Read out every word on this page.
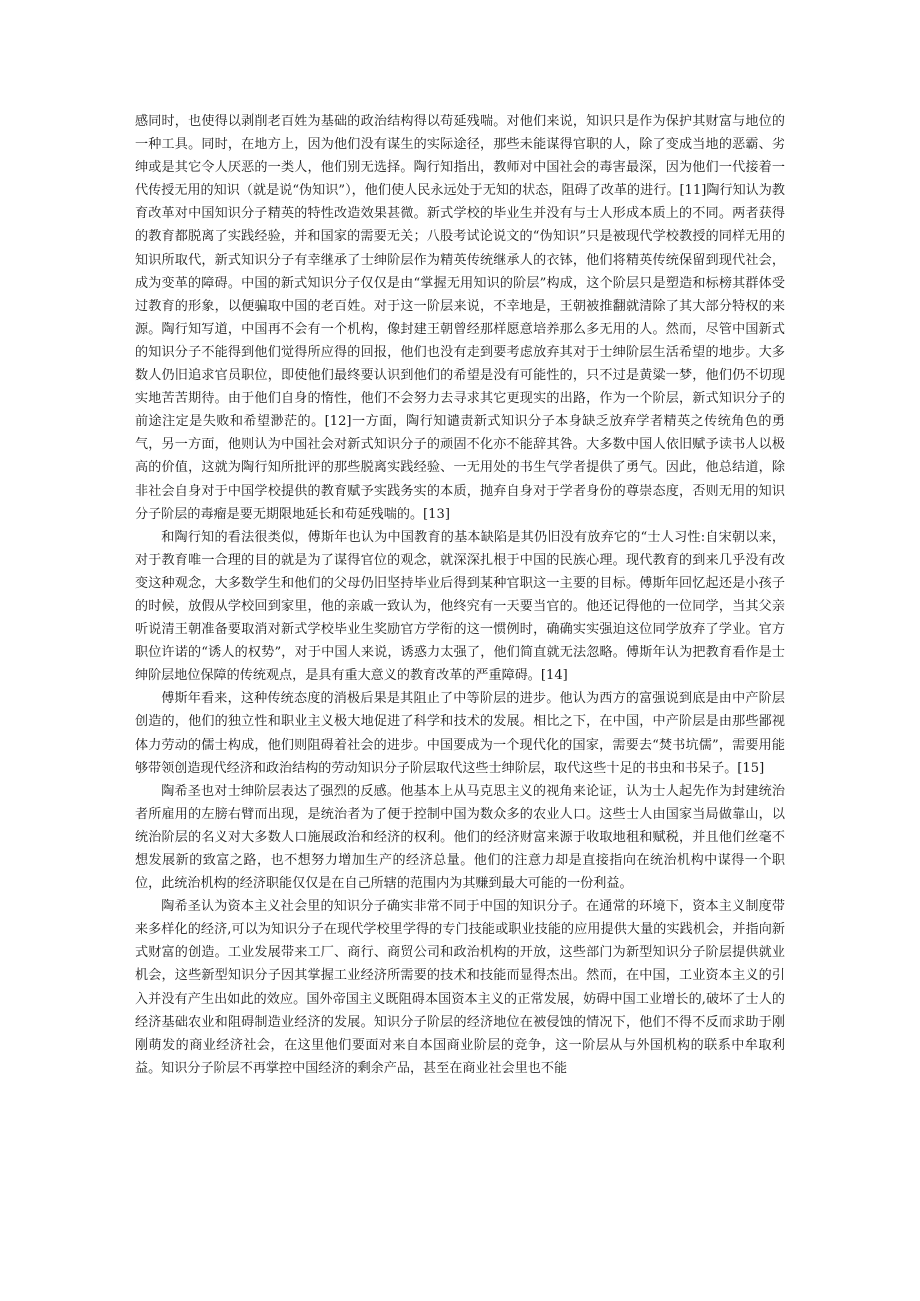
感同时，也使得以剥削老百姓为基础的政治结构得以苟延残喘。对他们来说，知识只是作为保护其财富与地位的一种工具。同时，在地方上，因为他们没有谋生的实际途径，那些未能谋得官职的人，除了变成当地的恶霸、劣绅或是其它令人厌恶的一类人，他们别无选择。陶行知指出，教师对中国社会的毒害最深，因为他们一代接着一代传授无用的知识（就是说“伪知识”），他们使人民永远处于无知的状态，阻碍了改革的进行。[11]陶行知认为教育改革对中国知识分子精英的特性改造效果甚微。新式学校的毕业生并没有与士人形成本质上的不同。两者获得的教育都脱离了实践经验，并和国家的需要无关；八股考试论说文的“伪知识”只是被现代学校教授的同样无用的知识所取代，新式知识分子有幸继承了士绅阶层作为精英传统继承人的衣钵，他们将精英传统保留到现代社会，成为变革的障碍。中国的新式知识分子仅仅是由“掌握无用知识的阶层”构成，这个阶层只是塑造和标榜其群体受过教育的形象，以便骗取中国的老百姓。对于这一阶层来说，不幸地是，王朝被推翻就清除了其大部分特权的来源。陶行知写道，中国再不会有一个机构，像封建王朝曾经那样愿意培养那么多无用的人。然而，尽管中国新式的知识分子不能得到他们觉得所应得的回报，他们也没有走到要考虑放弃其对于士绅阶层生活希望的地步。大多数人仍旧追求官员职位，即使他们最终要认识到他们的希望是没有可能性的，只不过是黄粱一梦，他们仍不切现实地苦苦期待。由于他们自身的惰性，他们不会努力去寻求其它更现实的出路，作为一个阶层，新式知识分子的前途注定是失败和希望渺茫的。[12]一方面，陶行知谴责新式知识分子本身缺乏放弃学者精英之传统角色的勇气，另一方面，他则认为中国社会对新式知识分子的顽固不化亦不能辞其咎。大多数中国人依旧赋予读书人以极高的价值，这就为陶行知所批评的那些脱离实践经验、一无用处的书生气学者提供了勇气。因此，他总结道，除非社会自身对于中国学校提供的教育赋予实践务实的本质，抛弃自身对于学者身份的尊崇态度，否则无用的知识分子阶层的毒瘤是要无期限地延长和苟延残喘的。[13]

和陶行知的看法很类似，傅斯年也认为中国教育的基本缺陷是其仍旧没有放弃它的“士人习性:自宋朝以来，对于教育唯一合理的目的就是为了谋得官位的观念，就深深扎根于中国的民族心理。现代教育的到来几乎没有改变这种观念，大多数学生和他们的父母仍旧坚持毕业后得到某种官职这一主要的目标。傅斯年回忆起还是小孩子的时候，放假从学校回到家里，他的亲戚一致认为，他终究有一天要当官的。他还记得他的一位同学，当其父亲听说清王朝准备要取消对新式学校毕业生奖励官方学衔的这一惯例时，确确实实强迫这位同学放弃了学业。官方职位许诺的“诱人的权势”，对于中国人来说，诱惑力太强了，他们简直就无法忽略。傅斯年认为把教育看作是士绅阶层地位保障的传统观点，是具有重大意义的教育改革的严重障碍。[14]

傅斯年看来，这种传统态度的消极后果是其阻止了中等阶层的进步。他认为西方的富强说到底是由中产阶层创造的，他们的独立性和职业主义极大地促进了科学和技术的发展。相比之下，在中国，中产阶层是由那些鄙视体力劳动的儒士构成，他们则阻碍着社会的进步。中国要成为一个现代化的国家，需要去“焚书坑儒”，需要用能够带领创造现代经济和政治结构的劳动知识分子阶层取代这些士绅阶层，取代这些十足的书虫和书呆子。[15]

陶希圣也对士绅阶层表达了强烈的反感。他基本上从马克思主义的视角来论证，认为士人起先作为封建统治者所雇用的左膀右臂而出现，是统治者为了便于控制中国为数众多的农业人口。这些士人由国家当局做靠山，以统治阶层的名义对大多数人口施展政治和经济的权利。他们的经济财富来源于收取地租和赋税，并且他们丝毫不想发展新的致富之路，也不想努力增加生产的经济总量。他们的注意力却是直接指向在统治机构中谋得一个职位，此统治机构的经济职能仅仅是在自己所辖的范围内为其赚到最大可能的一份利益。

陶希圣认为资本主义社会里的知识分子确实非常不同于中国的知识分子。在通常的环境下，资本主义制度带来多样化的经济,可以为知识分子在现代学校里学得的专门技能或职业技能的应用提供大量的实践机会，并指向新式财富的创造。工业发展带来工厂、商行、商贸公司和政治机构的开放，这些部门为新型知识分子阶层提供就业机会，这些新型知识分子因其掌握工业经济所需要的技术和技能而显得杰出。然而，在中国，工业资本主义的引入并没有产生出如此的效应。国外帝国主义既阻碍本国资本主义的正常发展，妨碍中国工业增长的,破坏了士人的经济基础农业和阻碍制造业经济的发展。知识分子阶层的经济地位在被侵蚀的情况下，他们不得不反而求助于刚刚萌发的商业经济社会，在这里他们要面对来自本国商业阶层的竞争，这一阶层从与外国机构的联系中牟取利益。知识分子阶层不再掌控中国经济的剩余产品，甚至在商业社会里也不能
